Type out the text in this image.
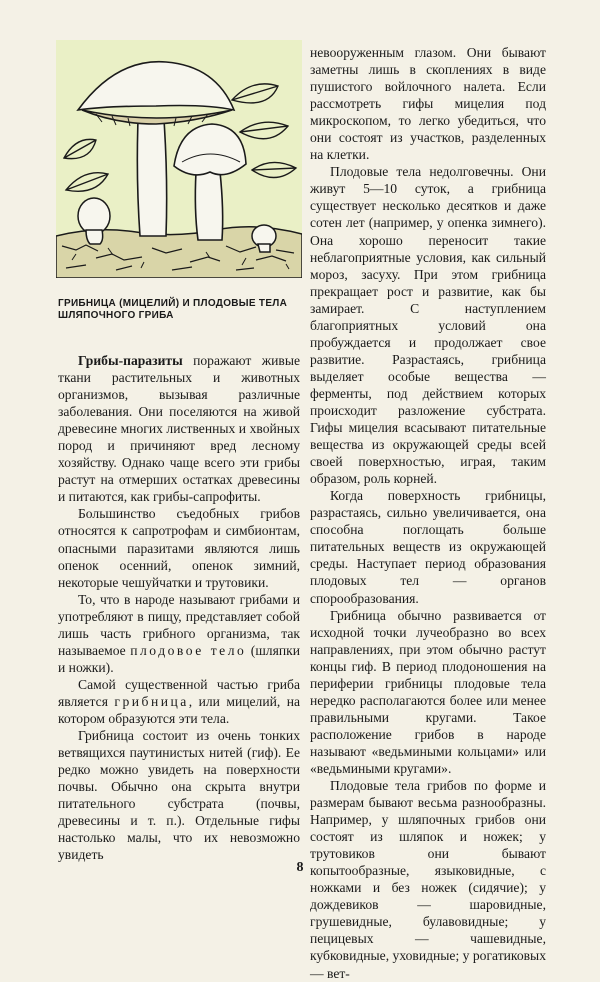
ГРИБНИЦА (МИЦЕЛИЙ) И ПЛОДОВЫЕ ТЕЛА ШЛЯПОЧНОГО ГРИБА

Грибы-паразиты поражают живые ткани растительных и животных организмов, вызывая различные заболевания. Они поселяются на живой древесине многих лиственных и хвойных пород и причиняют вред лесному хозяйству. Однако чаще всего эти грибы растут на отмерших остатках древесины и питаются, как грибы-сапрофиты.

Большинство съедобных грибов относятся к сапротрофам и симбионтам, опасными паразитами являются лишь опенок осенний, опенок зимний, некоторые чешуйчатки и трутовики.

То, что в народе называют грибами и употребляют в пищу, представляет собой лишь часть грибного организма, так называемое плодовое тело (шляпки и ножки).

Самой существенной частью гриба является грибница, или мицелий, на котором образуются эти тела.

Грибница состоит из очень тонких ветвящихся паутинистых нитей (гиф). Ее редко можно увидеть на поверхности почвы. Обычно она скрыта внутри питательного субстрата (почвы, древесины и т. п.). Отдельные гифы настолько малы, что их невозможно увидеть

невооруженным глазом. Они бывают заметны лишь в скоплениях в виде пушистого войлочного налета. Если рассмотреть гифы мицелия под микроскопом, то легко убедиться, что они состоят из участков, разделенных на клетки.

Плодовые тела недолговечны. Они живут 5—10 суток, а грибница существует несколько десятков и даже сотен лет (например, у опенка зимнего). Она хорошо переносит такие неблагоприятные условия, как сильный мороз, засуху. При этом грибница прекращает рост и развитие, как бы замирает. С наступлением благоприятных условий она пробуждается и продолжает свое развитие. Разрастаясь, грибница выделяет особые вещества — ферменты, под действием которых происходит разложение субстрата. Гифы мицелия всасывают питательные вещества из окружающей среды всей своей поверхностью, играя, таким образом, роль корней.

Когда поверхность грибницы, разрастаясь, сильно увеличивается, она способна поглощать больше питательных веществ из окружающей среды. Наступает период образования плодовых тел — органов спорообразования.

Грибница обычно развивается от исходной точки лучеобразно во всех направлениях, при этом обычно растут концы гиф. В период плодоношения на периферии грибницы плодовые тела нередко располагаются более или менее правильными кругами. Такое расположение грибов в народе называют «ведьмиными кольцами» или «ведьмиными кругами».

Плодовые тела грибов по форме и размерам бывают весьма разнообразны. Например, у шляпочных грибов они состоят из шляпок и ножек; у трутовиков они бывают копытообразные, языковидные, с ножками и без ножек (сидячие); у дождевиков — шаровидные, грушевидные, булавовидные; у пецицевых — чашевидные, кубковидные, уховидные; у рогатиковых — вет-

8
